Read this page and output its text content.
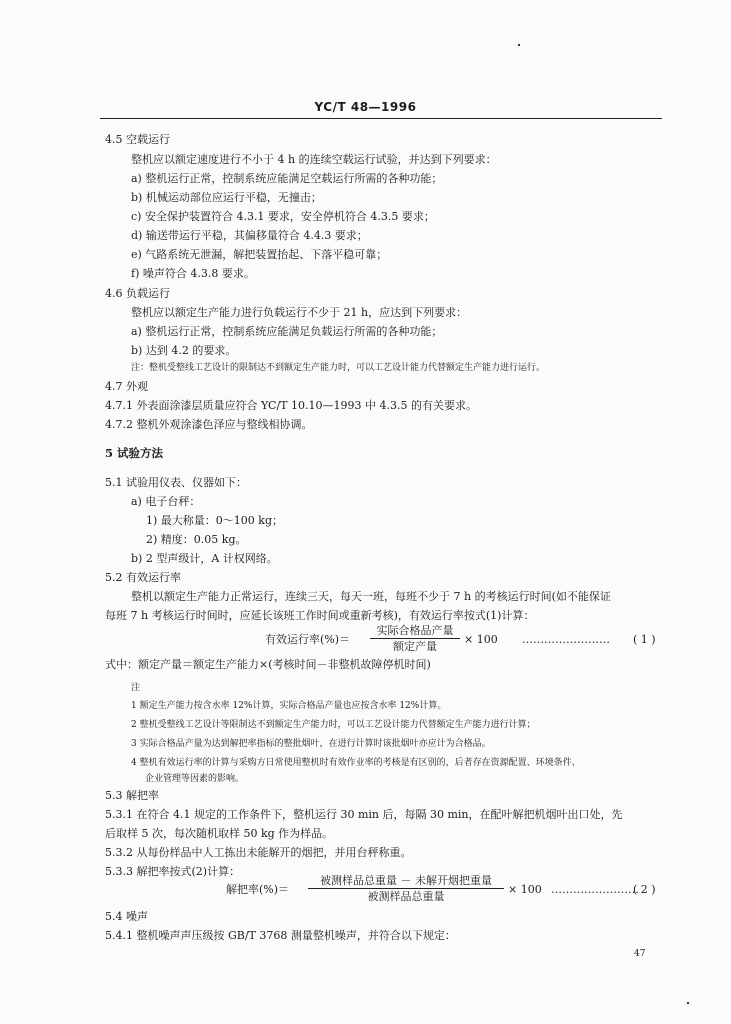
YC/T 48—1996
4.5 空载运行
整机应以额定速度进行不小于 4 h 的连续空载运行试验，并达到下列要求：
a) 整机运行正常，控制系统应能满足空载运行所需的各种功能；
b) 机械运动部位应运行平稳，无撞击；
c) 安全保护装置符合 4.3.1 要求，安全停机符合 4.3.5 要求；
d) 输送带运行平稳，其偏移量符合 4.4.3 要求；
e) 气路系统无泄漏，解把装置抬起、下落平稳可靠；
f) 噪声符合 4.3.8 要求。
4.6 负载运行
整机应以额定生产能力进行负载运行不少于 21 h，应达到下列要求：
a) 整机运行正常，控制系统应能满足负载运行所需的各种功能；
b) 达到 4.2 的要求。
注：整机受整线工艺设计的限制达不到额定生产能力时，可以工艺设计能力代替额定生产能力进行运行。
4.7 外观
4.7.1 外表面涂漆层质量应符合 YC/T 10.10—1993 中 4.3.5 的有关要求。
4.7.2 整机外观涂漆色泽应与整线相协调。
5 试验方法
5.1 试验用仪表、仪器如下：
a) 电子台秤：
1) 最大称量：0～100 kg；
2) 精度：0.05 kg。
b) 2 型声级计，A 计权网络。
5.2 有效运行率
整机以额定生产能力正常运行，连续三天，每天一班，每班不少于 7 h 的考核运行时间(如不能保证
每班 7 h 考核运行时间时，应延长该班工作时间或重新考核)，有效运行率按式(1)计算：
有效运行率(%)＝
实际合格品产量
额定产量
× 100 …………………… ( 1 )
式中：额定产量＝额定生产能力×(考核时间－非整机故障停机时间)
注
1 额定生产能力按含水率 12%计算，实际合格品产量也应按含水率 12%计算。
2 整机受整线工艺设计等限制达不到额定生产能力时，可以工艺设计能力代替额定生产能力进行计算；
3 实际合格品产量为达到解把率指标的整批烟叶，在进行计算时该批烟叶亦应计为合格品。
4 整机有效运行率的计算与采购方日常使用整机时有效作业率的考核是有区别的，后者存在资源配置、环境条件、
企业管理等因素的影响。
5.3 解把率
5.3.1 在符合 4.1 规定的工作条件下，整机运行 30 min 后，每隔 30 min，在配叶解把机烟叶出口处，先
后取样 5 次，每次随机取样 50 kg 作为样品。
5.3.2 从每份样品中人工拣出未能解开的烟把，并用台秤称重。
5.3.3 解把率按式(2)计算：
解把率(%)＝
被测样品总重量 － 未解开烟把重量
被测样品总重量
× 100 ……………………
( 2 )
5.4 噪声
5.4.1 整机噪声声压级按 GB/T 3768 测量整机噪声，并符合以下规定：
47
